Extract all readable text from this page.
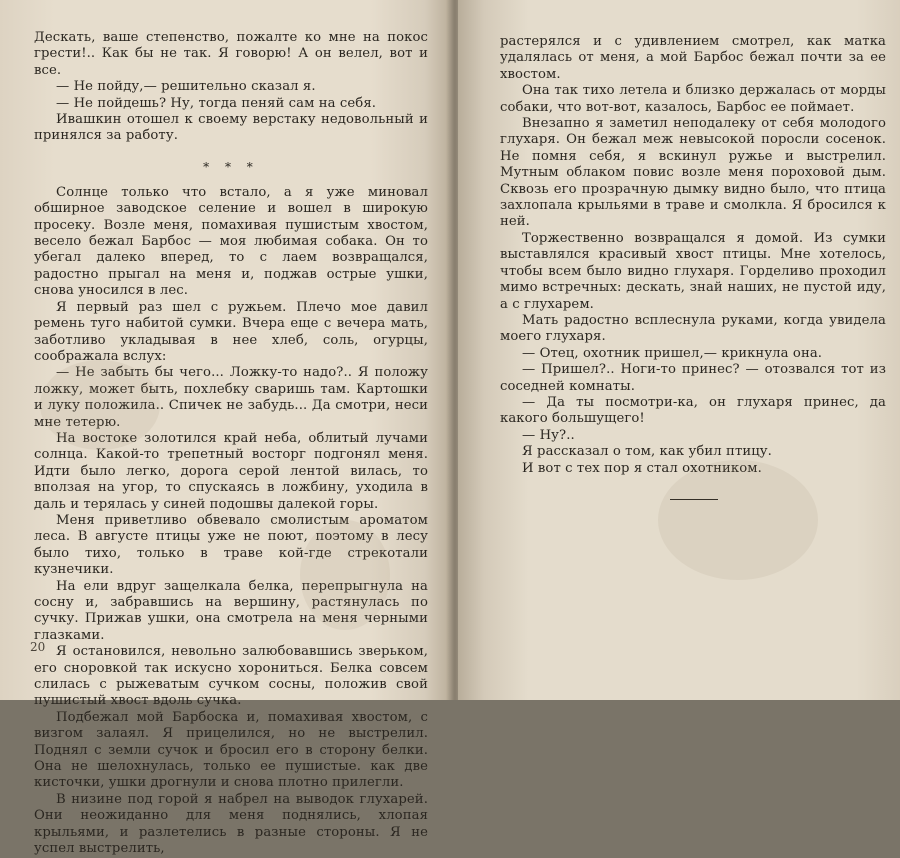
Дескать, ваше степенство, пожалте ко мне на покос грести!.. Как бы не так. Я говорю! А он велел, вот и все.

— Не пойду,— решительно сказал я.

— Не пойдешь? Ну, тогда пеняй сам на себя.

Ивашкин отошел к своему верстаку недовольный и принялся за работу.

* * *

Солнце только что встало, а я уже миновал обширное заводское селение и вошел в широкую просеку. Возле меня, помахивая пушистым хвостом, весело бежал Барбос — моя любимая собака. Он то убегал далеко вперед, то с лаем возвращался, радостно прыгал на меня и, поджав острые ушки, снова уносился в лес.

Я первый раз шел с ружьем. Плечо мое давил ремень туго набитой сумки. Вчера еще с вечера мать, заботливо укладывая в нее хлеб, соль, огурцы, соображала вслух:

— Не забыть бы чего... Ложку-то надо?.. Я положу ложку, может быть, похлебку сваришь там. Картошки и луку положила.. Спичек не забудь... Да смотри, неси мне тетерю.

На востоке золотился край неба, облитый лучами солнца. Какой-то трепетный восторг подгонял меня. Идти было легко, дорога серой лентой вилась, то вползая на угор, то спускаясь в ложбину, уходила в даль и терялась у синей подошвы далекой горы.

Меня приветливо обвевало смолистым ароматом леса. В августе птицы уже не поют, поэтому в лесу было тихо, только в траве кой-где стрекотали кузнечики.

На ели вдруг защелкала белка, перепрыгнула на сосну и, забравшись на вершину, растянулась по сучку. Прижав ушки, она смотрела на меня черными глазками.

Я остановился, невольно залюбовавшись зверьком, его сноровкой так искусно хорониться. Белка совсем слилась с рыжеватым сучком сосны, положив свой пушистый хвост вдоль сучка.

Подбежал мой Барбоска и, помахивая хвостом, с визгом залаял. Я прицелился, но не выстрелил. Поднял с земли сучок и бросил его в сторону белки. Она не шелохнулась, только ее пушистые. как две кисточки, ушки дрогнули и снова плотно прилегли.

В низине под горой я набрел на выводок глухарей. Они неожиданно для меня поднялись, хлопая крыльями, и разлетелись в разные стороны. Я не успел выстрелить,

20

растерялся и с удивлением смотрел, как матка удалялась от меня, а мой Барбос бежал почти за ее хвостом.

Она так тихо летела и близко держалась от морды собаки, что вот-вот, казалось, Барбос ее поймает.

Внезапно я заметил неподалеку от себя молодого глухаря. Он бежал меж невысокой поросли сосенок. Не помня себя, я вскинул ружье и выстрелил. Мутным облаком повис возле меня пороховой дым. Сквозь его прозрачную дымку видно было, что птица захлопала крыльями в траве и смолкла. Я бросился к ней.

Торжественно возвращался я домой. Из сумки выставлялся красивый хвост птицы. Мне хотелось, чтобы всем было видно глухаря. Горделиво проходил мимо встречных: дескать, знай наших, не пустой иду, а с глухарем.

Мать радостно всплеснула руками, когда увидела моего глухаря.

— Отец, охотник пришел,— крикнула она.

— Пришел?.. Ноги-то принес? — отозвался тот из соседней комнаты.

— Да ты посмотри-ка, он глухаря принес, да какого большущего!

— Ну?..

Я рассказал о том, как убил птицу.

И вот с тех пор я стал охотником.
